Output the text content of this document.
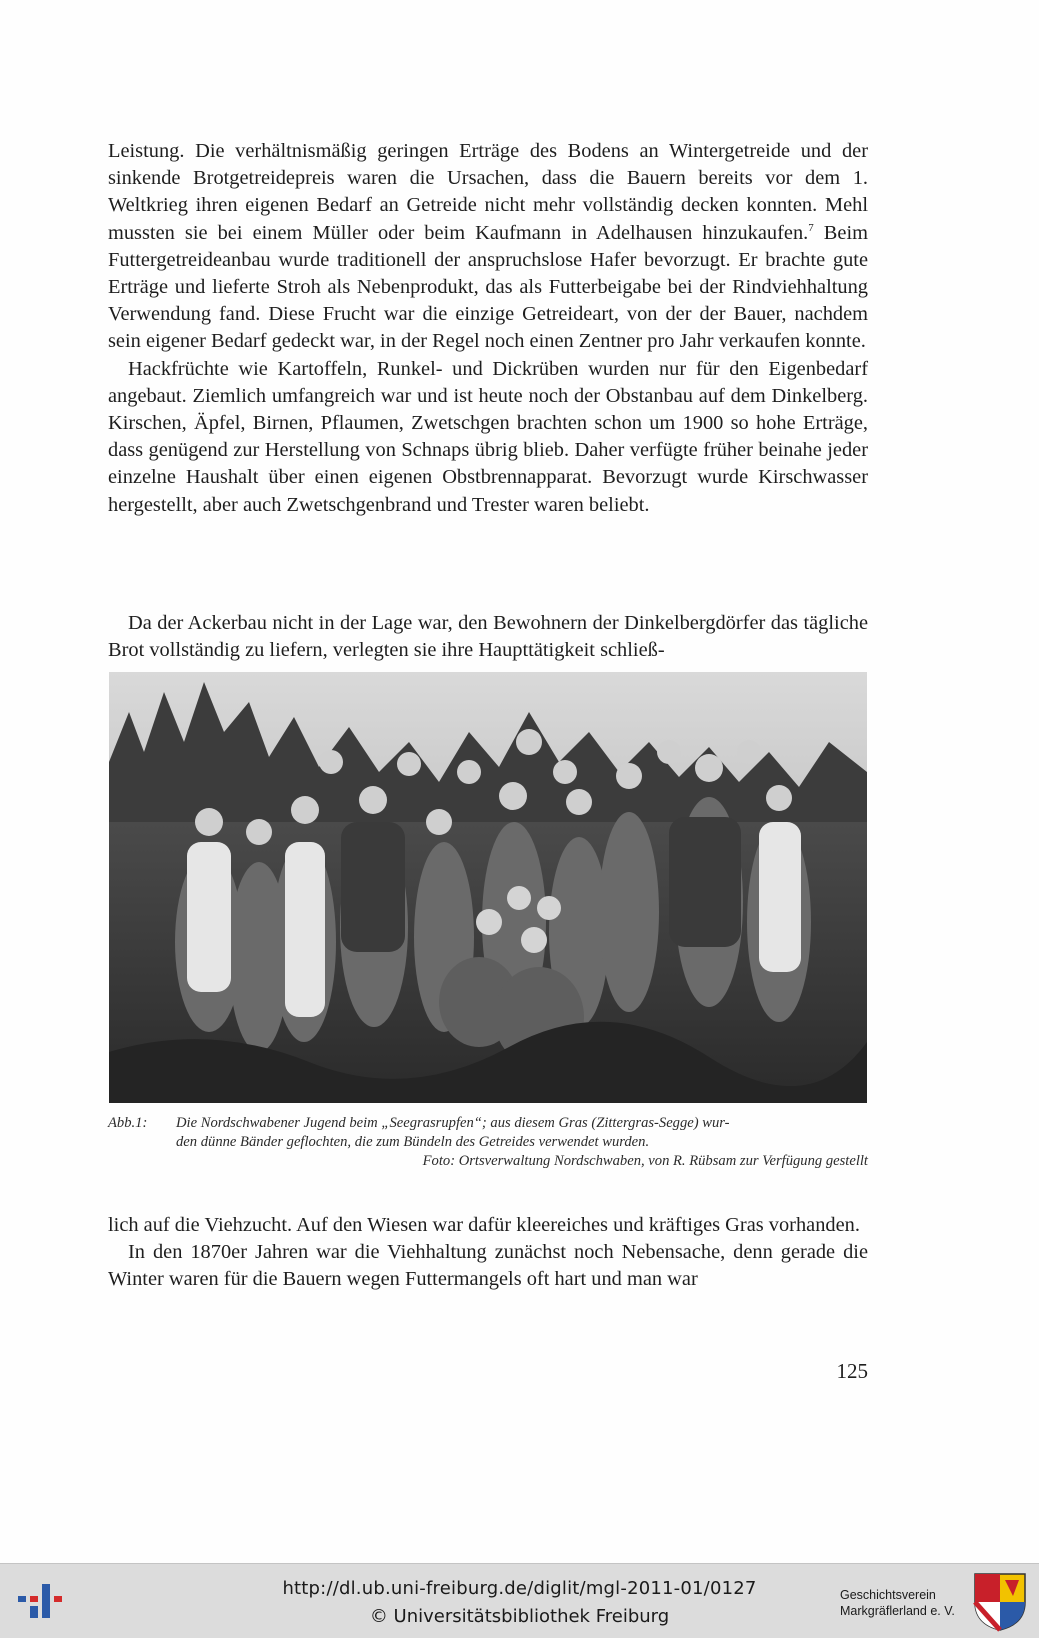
Leistung. Die verhältnismäßig geringen Erträge des Bodens an Wintergetreide und der sinkende Brotgetreidepreis waren die Ursachen, dass die Bauern bereits vor dem 1. Weltkrieg ihren eigenen Bedarf an Getreide nicht mehr vollständig decken konnten. Mehl mussten sie bei einem Müller oder beim Kaufmann in Adelhausen hinzukaufen.$^7$ Beim Futtergetreideanbau wurde traditionell der anspruchslose Hafer bevorzugt. Er brachte gute Erträge und lieferte Stroh als Nebenprodukt, das als Futterbeigabe bei der Rindviehhaltung Verwendung fand. Diese Frucht war die einzige Getreideart, von der der Bauer, nachdem sein eigener Bedarf gedeckt war, in der Regel noch einen Zentner pro Jahr verkaufen konnte.

Hackfrüchte wie Kartoffeln, Runkel- und Dickrüben wurden nur für den Eigenbedarf angebaut. Ziemlich umfangreich war und ist heute noch der Obstanbau auf dem Dinkelberg. Kirschen, Äpfel, Birnen, Pflaumen, Zwetschgen brachten schon um 1900 so hohe Erträge, dass genügend zur Herstellung von Schnaps übrig blieb. Daher verfügte früher beinahe jeder einzelne Haushalt über einen eigenen Obstbrennapparat. Bevorzugt wurde Kirschwasser hergestellt, aber auch Zwetschgenbrand und Trester waren beliebt.

Da der Ackerbau nicht in der Lage war, den Bewohnern der Dinkelbergdörfer das tägliche Brot vollständig zu liefern, verlegten sie ihre Haupttätigkeit schließ-

Abb.1: Die Nordschwabener Jugend beim „Seegrasrupfen“; aus diesem Gras (Zittergras-Segge) wur-
den dünne Bänder geflochten, die zum Bündeln des Getreides verwendet wurden.
Foto: Ortsverwaltung Nordschwaben, von R. Rübsam zur Verfügung gestellt

lich auf die Viehzucht. Auf den Wiesen war dafür kleereiches und kräftiges Gras vorhanden.

In den 1870er Jahren war die Viehhaltung zunächst noch Nebensache, denn gerade die Winter waren für die Bauern wegen Futtermangels oft hart und man war

125
http://dl.ub.uni-freiburg.de/diglit/mgl-2011-01/0127
© Universitätsbibliothek Freiburg
Geschichtsverein
Markgräflerland e. V.
